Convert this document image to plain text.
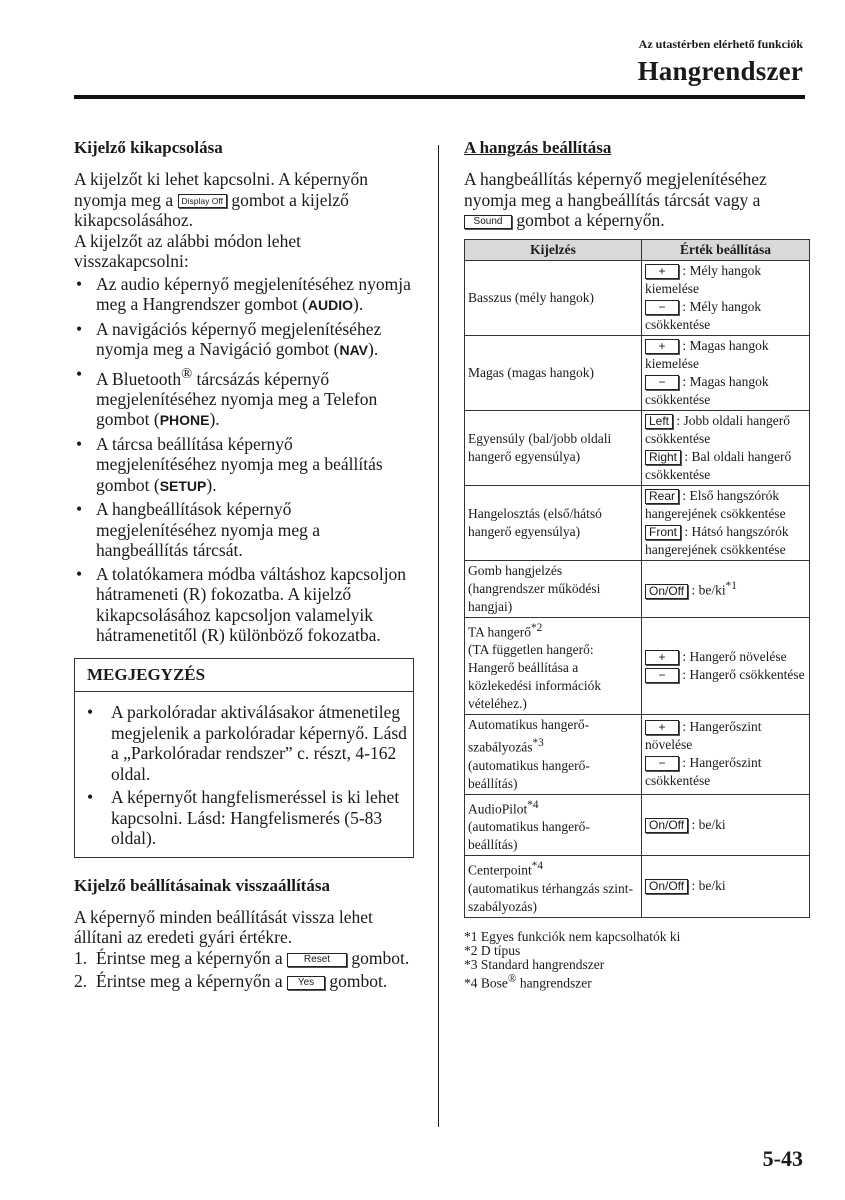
Az utastérben elérhető funkciók
Hangrendszer
Kijelző kikapcsolása

A kijelzőt ki lehet kapcsolni. A képernyőn nyomja meg a Display Off gombot a kijelző kikapcsolásához.

A kijelzőt az alábbi módon lehet visszakapcsolni:

• Az audio képernyő megjelenítéséhez nyomja meg a Hangrendszer gombot (AUDIO).
• A navigációs képernyő megjelenítéséhez nyomja meg a Navigáció gombot (NAV).
• A Bluetooth® tárcsázás képernyő megjelenítéséhez nyomja meg a Telefon gombot (PHONE).
• A tárcsa beállítása képernyő megjelenítéséhez nyomja meg a beállítás gombot (SETUP).
• A hangbeállítások képernyő megjelenítéséhez nyomja meg a hangbeállítás tárcsát.
• A tolatókamera módba váltáshoz kapcsoljon hátrameneti (R) fokozatba. A kijelző kikapcsolásához kapcsoljon valamelyik hátramenetitől (R) különböző fokozatba.
MEGJEGYZÉS
• A parkolóradar aktiválásakor átmenetileg megjelenik a parkolóradar képernyő. Lásd a „Parkolóradar rendszer” c. részt, 4-162 oldal.
• A képernyőt hangfelismeréssel is ki lehet kapcsolni. Lásd: Hangfelismerés (5-83 oldal).
Kijelző beállításainak visszaállítása

A képernyő minden beállítását vissza lehet állítani az eredeti gyári értékre.

1. Érintse meg a képernyőn a Reset gombot.
2. Érintse meg a képernyőn a Yes gombot.
A hangzás beállítása

A hangbeállítás képernyő megjelenítéséhez nyomja meg a hangbeállítás tárcsát vagy a Sound gombot a képernyőn.

Kijelzés	Érték beállítása
Basszus (mély hangok)	+ : Mély hangok kiemelése
− : Mély hangok csökkentése
Magas (magas hangok)	+ : Magas hangok kiemelése
− : Magas hangok csökkentése
Egyensúly (bal/jobb oldali hangerő egyensúlya)	Left : Jobb oldali hangerő csökkentése
Right : Bal oldali hangerő csökkentése
Hangelosztás (első/hátsó hangerő egyensúlya)	Rear : Első hangszórók hangerejének csökkentése
Front : Hátsó hangszórók hangerejének csökkentése
Gomb hangjelzés (hangrendszer működési hangjai)	On/Off : $be/ki^{*1}$
TA hangerő$^{*2}$
(TA független hangerő: Hangerő beállítása a közlekedési információk vételéhez.)	+ : Hangerő növelése
− : Hangerő csökkentése
Automatikus hangerő-szabályozás$^{*3}$
(automatikus hangerő-beállítás)	+ : Hangerőszint növelése
− : Hangerőszint csökkentése
AudioPilot$^{*4}$
(automatikus hangerő-beállítás)	On/Off : be/ki
Centerpoint$^{*4}$
(automatikus térhangzás szint-szabályozás)	On/Off : be/ki
*1 Egyes funkciók nem kapcsolhatók ki
*2 D típus
*3 Standard hangrendszer
*4 Bose® hangrendszer
5-43
